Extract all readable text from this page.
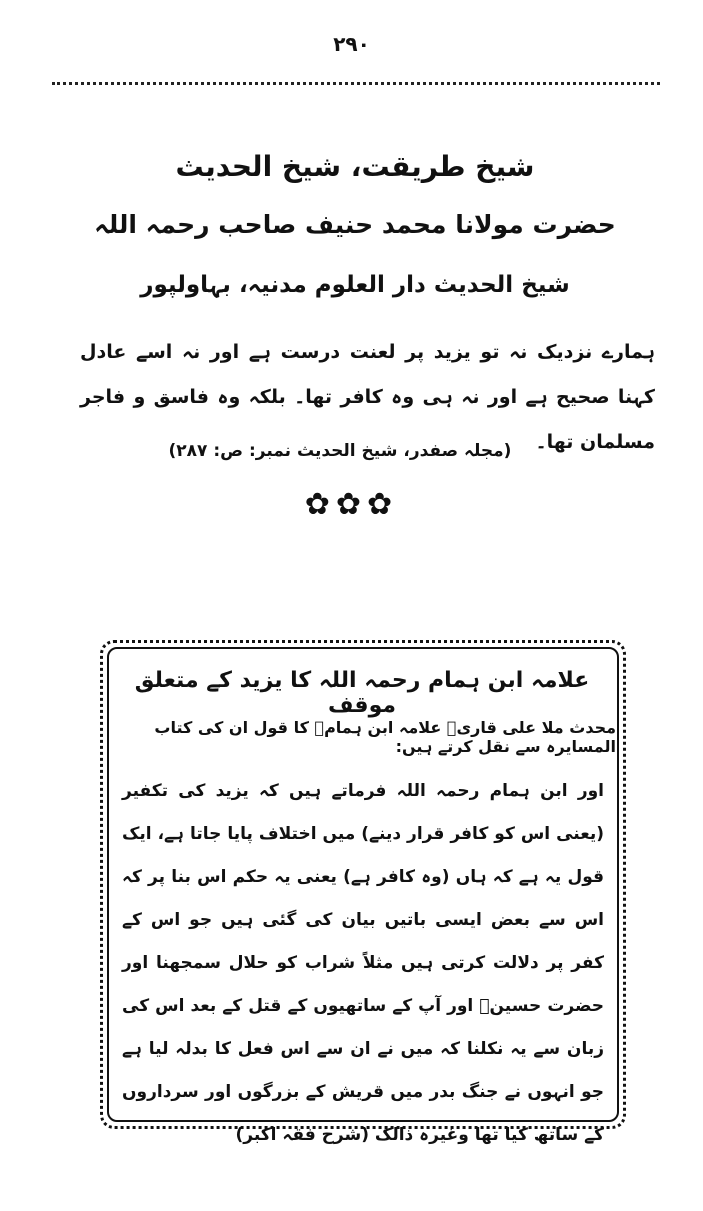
۲۹۰
شیخ طریقت، شیخ الحدیث
حضرت مولانا محمد حنیف صاحب رحمہ اللہ
شیخ الحدیث دار العلوم مدنیہ، بہاولپور
ہمارے نزدیک نہ تو یزید پر لعنت درست ہے اور نہ اسے عادل کہنا صحیح ہے اور نہ ہی وہ کافر تھا۔ بلکہ وہ فاسق و فاجر مسلمان تھا۔
(مجلہ صفدر، شیخ الحدیث نمبر: ص: ۲۸۷)
✿✿✿
علامہ ابن ہمام رحمہ اللہ کا یزید کے متعلق موقف
محدث ملا علی قاریؒ علامہ ابن ہمامؒ کا قول ان کی کتاب المسایرہ سے نقل کرتے ہیں:
اور ابن ہمام رحمہ اللہ فرماتے ہیں کہ یزید کی تکفیر (یعنی اس کو کافر قرار دینے) میں اختلاف پایا جاتا ہے، ایک قول یہ ہے کہ ہاں (وہ کافر ہے) یعنی یہ حکم اس بنا پر کہ اس سے بعض ایسی باتیں بیان کی گئی ہیں جو اس کے کفر پر دلالت کرتی ہیں مثلاً شراب کو حلال سمجھنا اور حضرت حسینؓ اور آپ کے ساتھیوں کے قتل کے بعد اس کی زبان سے یہ نکلنا کہ میں نے ان سے اس فعل کا بدلہ لیا ہے جو انہوں نے جنگ بدر میں قریش کے بزرگوں اور سرداروں کے ساتھ کیا تھا وغیرہ ذالک (شرح فقہ اکبر)
